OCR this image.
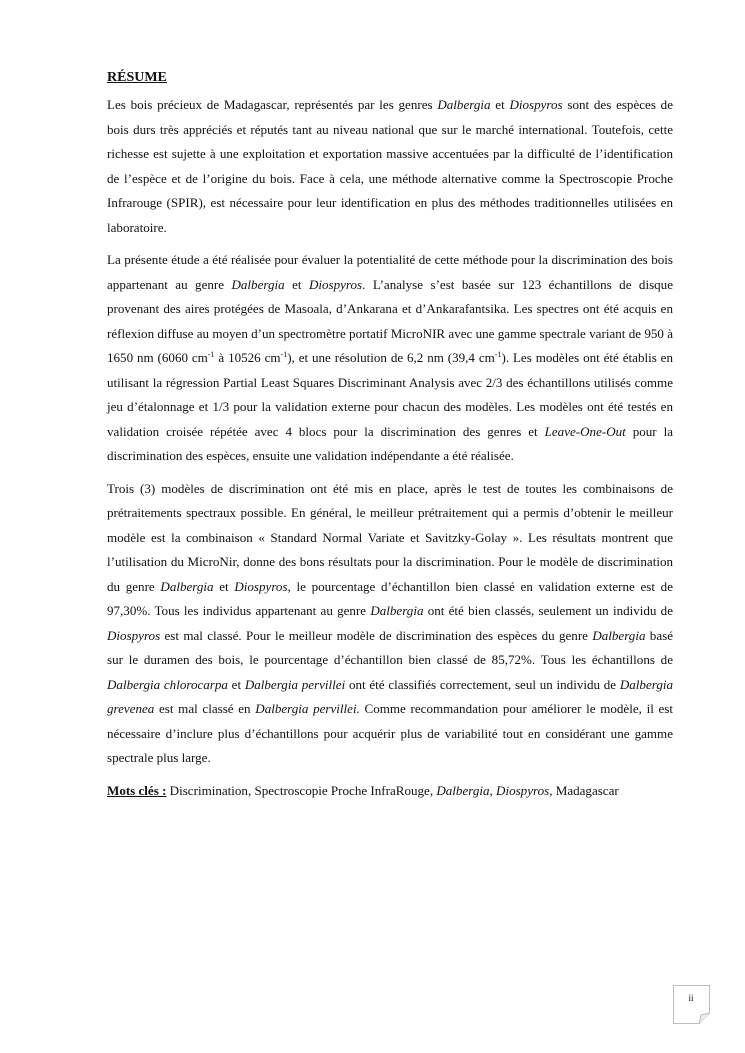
RÉSUME

Les bois précieux de Madagascar, représentés par les genres Dalbergia et Diospyros sont des espèces de bois durs très appréciés et réputés tant au niveau national que sur le marché international. Toutefois, cette richesse est sujette à une exploitation et exportation massive accentuées par la difficulté de l’identification de l’espèce et de l’origine du bois. Face à cela, une méthode alternative comme la Spectroscopie Proche Infrarouge (SPIR), est nécessaire pour leur identification en plus des méthodes traditionnelles utilisées en laboratoire.

La présente étude a été réalisée pour évaluer la potentialité de cette méthode pour la discrimination des bois appartenant au genre Dalbergia et Diospyros. L’analyse s’est basée sur 123 échantillons de disque provenant des aires protégées de Masoala, d’Ankarana et d’Ankarafantsika. Les spectres ont été acquis en réflexion diffuse au moyen d’un spectromètre portatif MicroNIR avec une gamme spectrale variant de 950 à 1650 nm (6060 $cm^{-1}$ à 10526 $cm^{-1}$), et une résolution de 6,2 nm (39,4 $cm^{-1}$). Les modèles ont été établis en utilisant la régression Partial Least Squares Discriminant Analysis avec 2/3 des échantillons utilisés comme jeu d’étalonnage et 1/3 pour la validation externe pour chacun des modèles. Les modèles ont été testés en validation croisée répétée avec 4 blocs pour la discrimination des genres et Leave-One-Out pour la discrimination des espèces, ensuite une validation indépendante a été réalisée.

Trois (3) modèles de discrimination ont été mis en place, après le test de toutes les combinaisons de prétraitements spectraux possible. En général, le meilleur prétraitement qui a permis d’obtenir le meilleur modèle est la combinaison « Standard Normal Variate et Savitzky-Golay ». Les résultats montrent que l’utilisation du MicroNir, donne des bons résultats pour la discrimination. Pour le modèle de discrimination du genre Dalbergia et Diospyros, le pourcentage d’échantillon bien classé en validation externe est de 97,30%. Tous les individus appartenant au genre Dalbergia ont été bien classés, seulement un individu de Diospyros est mal classé. Pour le meilleur modèle de discrimination des espèces du genre Dalbergia basé sur le duramen des bois, le pourcentage d’échantillon bien classé de 85,72%. Tous les échantillons de Dalbergia chlorocarpa et Dalbergia pervillei ont été classifiés correctement, seul un individu de Dalbergia grevenea est mal classé en Dalbergia pervillei. Comme recommandation pour améliorer le modèle, il est nécessaire d’inclure plus d’échantillons pour acquérir plus de variabilité tout en considérant une gamme spectrale plus large.

Mots clés : Discrimination, Spectroscopie Proche InfraRouge, Dalbergia, Diospyros, Madagascar

ii
